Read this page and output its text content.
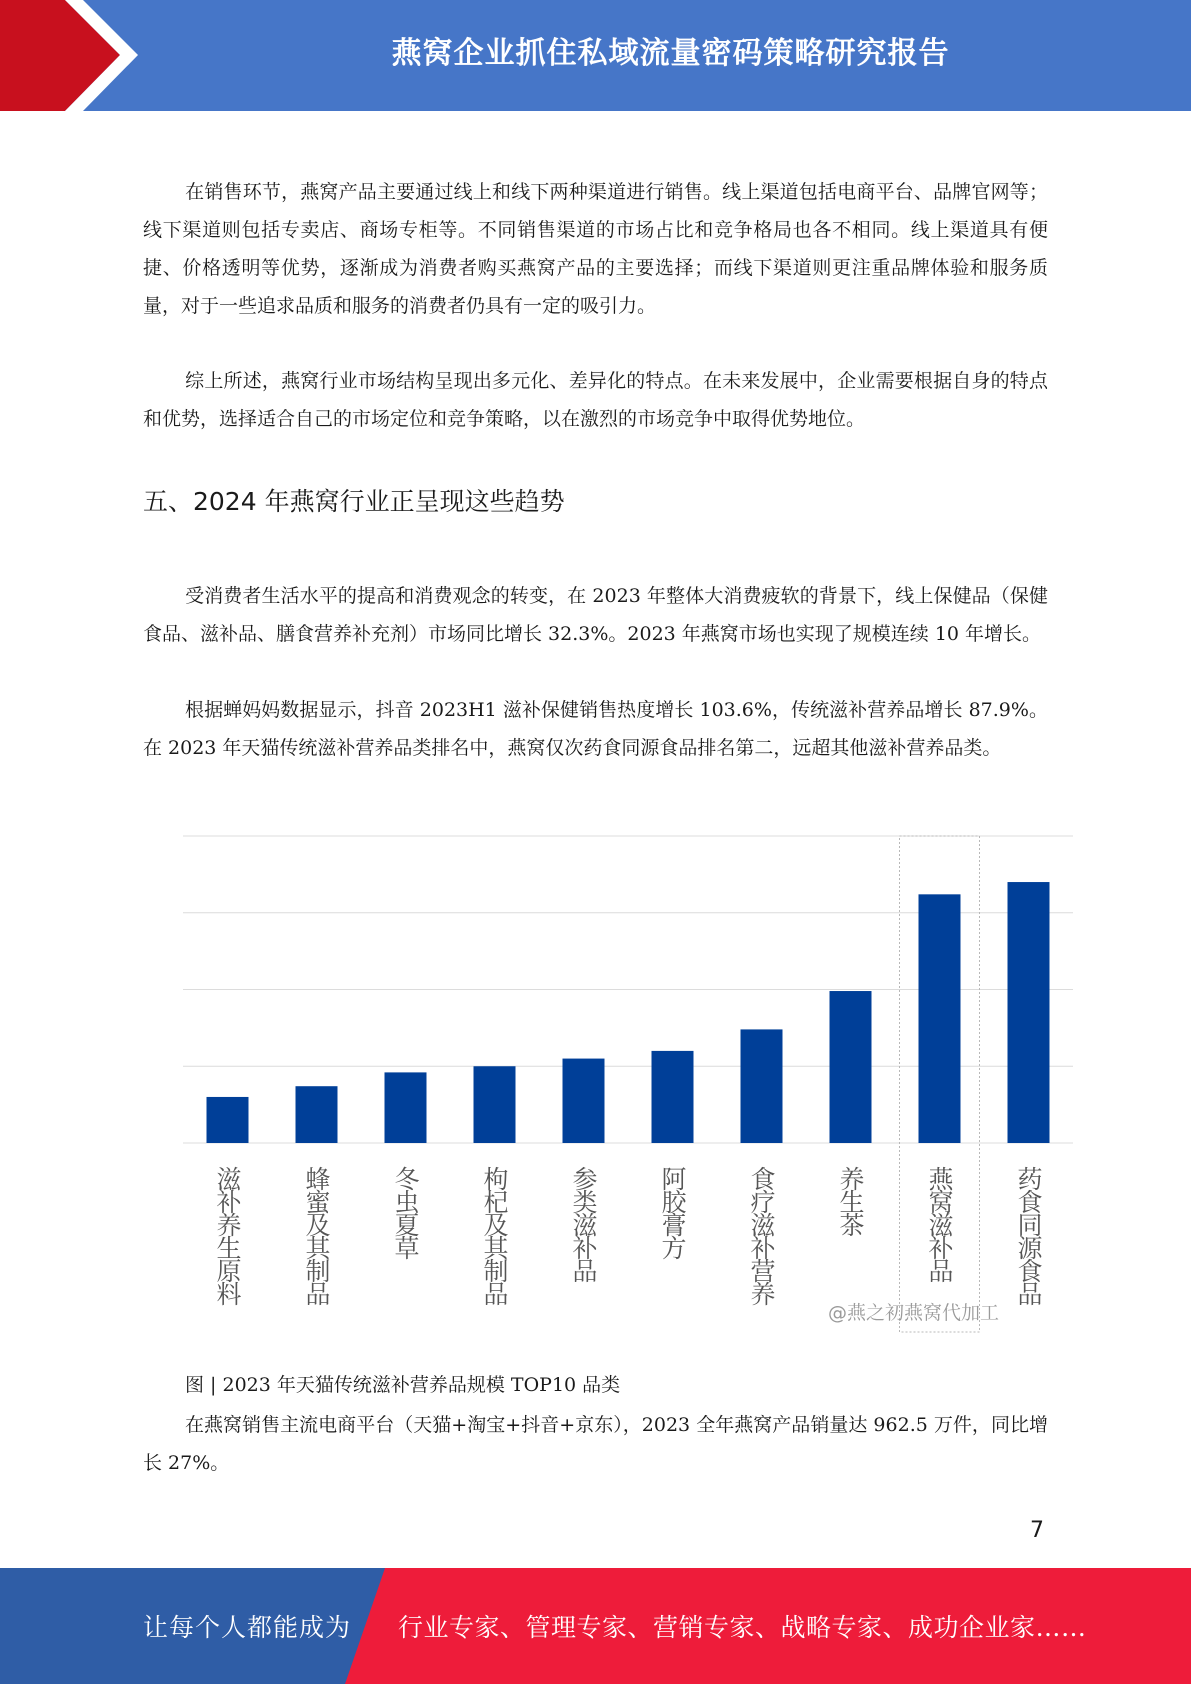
燕窝企业抓住私域流量密码策略研究报告

在销售环节，燕窝产品主要通过线上和线下两种渠道进行销售。线上渠道包括电商平台、品牌官网等；线下渠道则包括专卖店、商场专柜等。不同销售渠道的市场占比和竞争格局也各不相同。线上渠道具有便捷、价格透明等优势，逐渐成为消费者购买燕窝产品的主要选择；而线下渠道则更注重品牌体验和服务质量，对于一些追求品质和服务的消费者仍具有一定的吸引力。

综上所述，燕窝行业市场结构呈现出多元化、差异化的特点。在未来发展中，企业需要根据自身的特点和优势，选择适合自己的市场定位和竞争策略，以在激烈的市场竞争中取得优势地位。

五、2024 年燕窝行业正呈现这些趋势

受消费者生活水平的提高和消费观念的转变，在 2023 年整体大消费疲软的背景下，线上保健品（保健食品、滋补品、膳食营养补充剂）市场同比增长 32.3%。2023 年燕窝市场也实现了规模连续 10 年增长。

根据蝉妈妈数据显示，抖音 2023H1 滋补保健销售热度增长 103.6%，传统滋补营养品增长 87.9%。在 2023 年天猫传统滋补营养品类排名中，燕窝仅次药食同源食品排名第二，远超其他滋补营养品类。

滋补养生原料 蜂蜜及其制品 冬虫夏草 枸杞及其制品 参类滋补品 阿胶膏方 食疗滋补营养 养生茶 燕窝滋补品 药食同源食品
@燕之初燕窝代加工
图 | 2023 年天猫传统滋补营养品规模 TOP10 品类

在燕窝销售主流电商平台（天猫+淘宝+抖音+京东），2023 全年燕窝产品销量达 962.5 万件，同比增长 27%。

7
让每个人都能成为 行业专家、管理专家、营销专家、战略专家、成功企业家……
